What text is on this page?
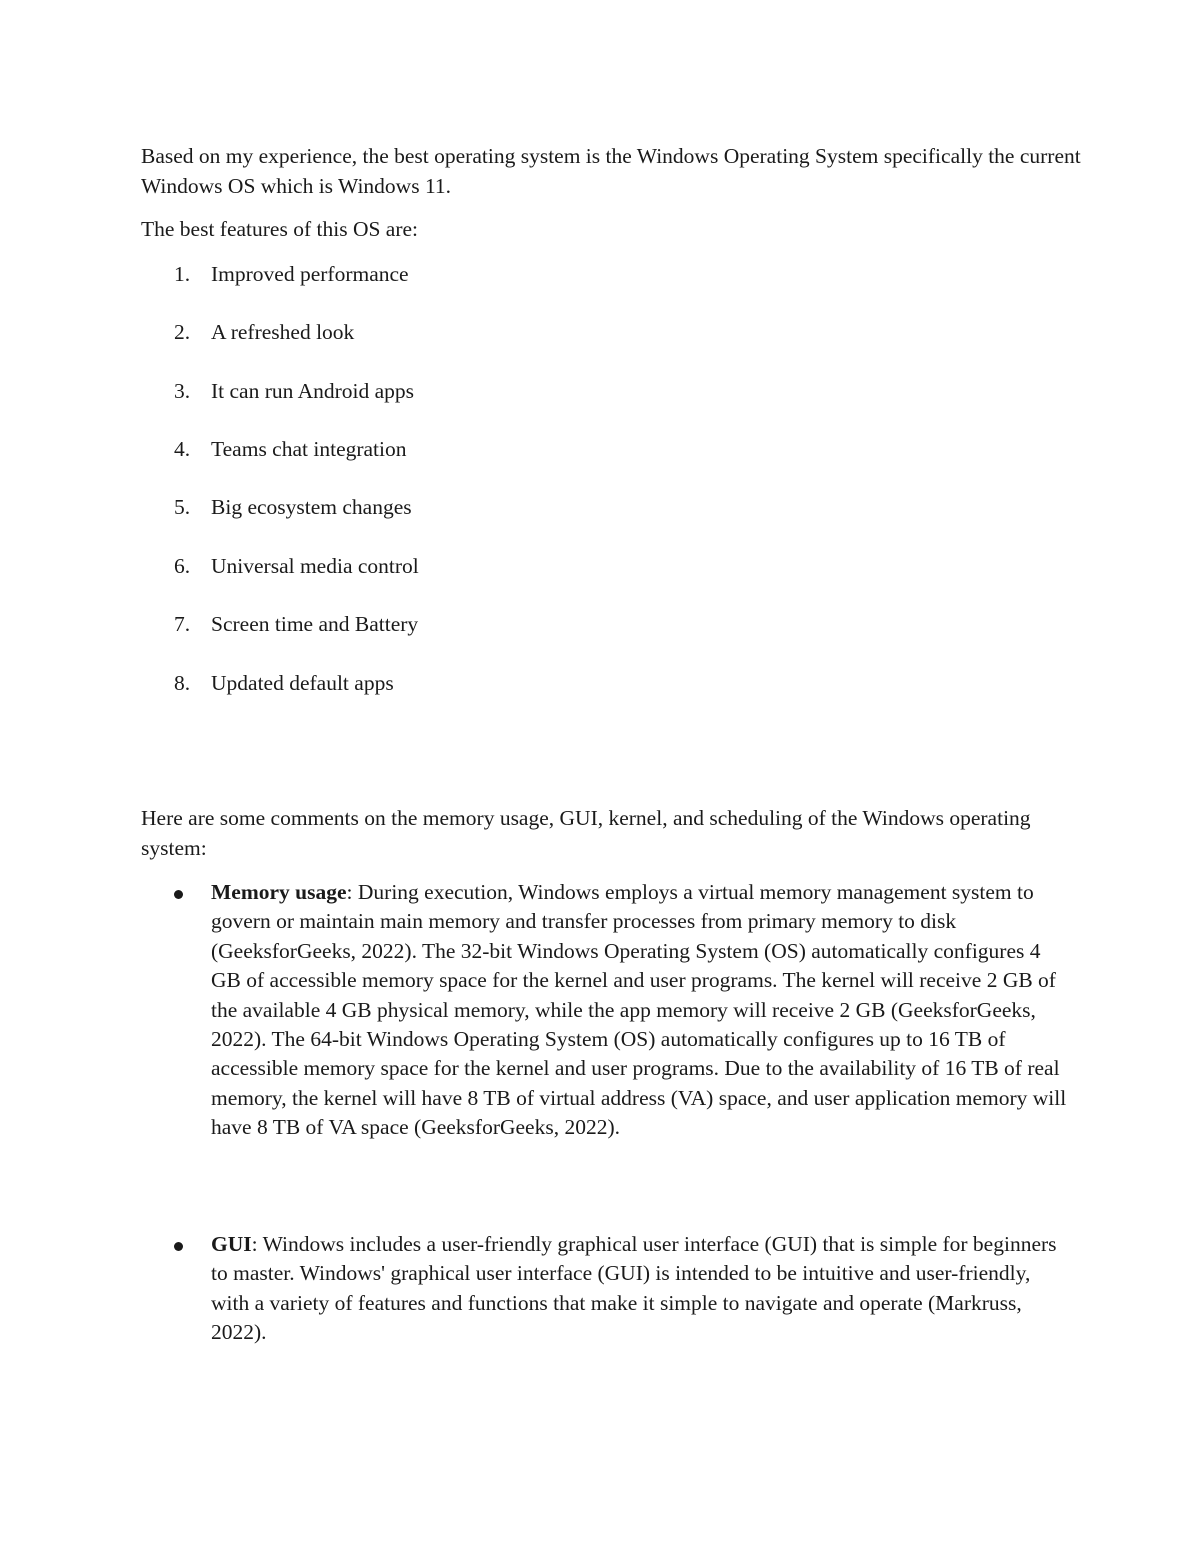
Based on my experience, the best operating system is the Windows Operating System specifically the current Windows OS which is Windows 11.

The best features of this OS are:

1. Improved performance
2. A refreshed look
3. It can run Android apps
4. Teams chat integration
5. Big ecosystem changes
6. Universal media control
7. Screen time and Battery
8. Updated default apps

Here are some comments on the memory usage, GUI, kernel, and scheduling of the Windows operating system:

Memory usage: During execution, Windows employs a virtual memory management system to govern or maintain main memory and transfer processes from primary memory to disk (GeeksforGeeks, 2022). The 32-bit Windows Operating System (OS) automatically configures 4 GB of accessible memory space for the kernel and user programs. The kernel will receive 2 GB of the available 4 GB physical memory, while the app memory will receive 2 GB (GeeksforGeeks, 2022). The 64-bit Windows Operating System (OS) automatically configures up to 16 TB of accessible memory space for the kernel and user programs. Due to the availability of 16 TB of real memory, the kernel will have 8 TB of virtual address (VA) space, and user application memory will have 8 TB of VA space (GeeksforGeeks, 2022).

GUI: Windows includes a user-friendly graphical user interface (GUI) that is simple for beginners to master. Windows' graphical user interface (GUI) is intended to be intuitive and user-friendly, with a variety of features and functions that make it simple to navigate and operate (Markruss, 2022).
